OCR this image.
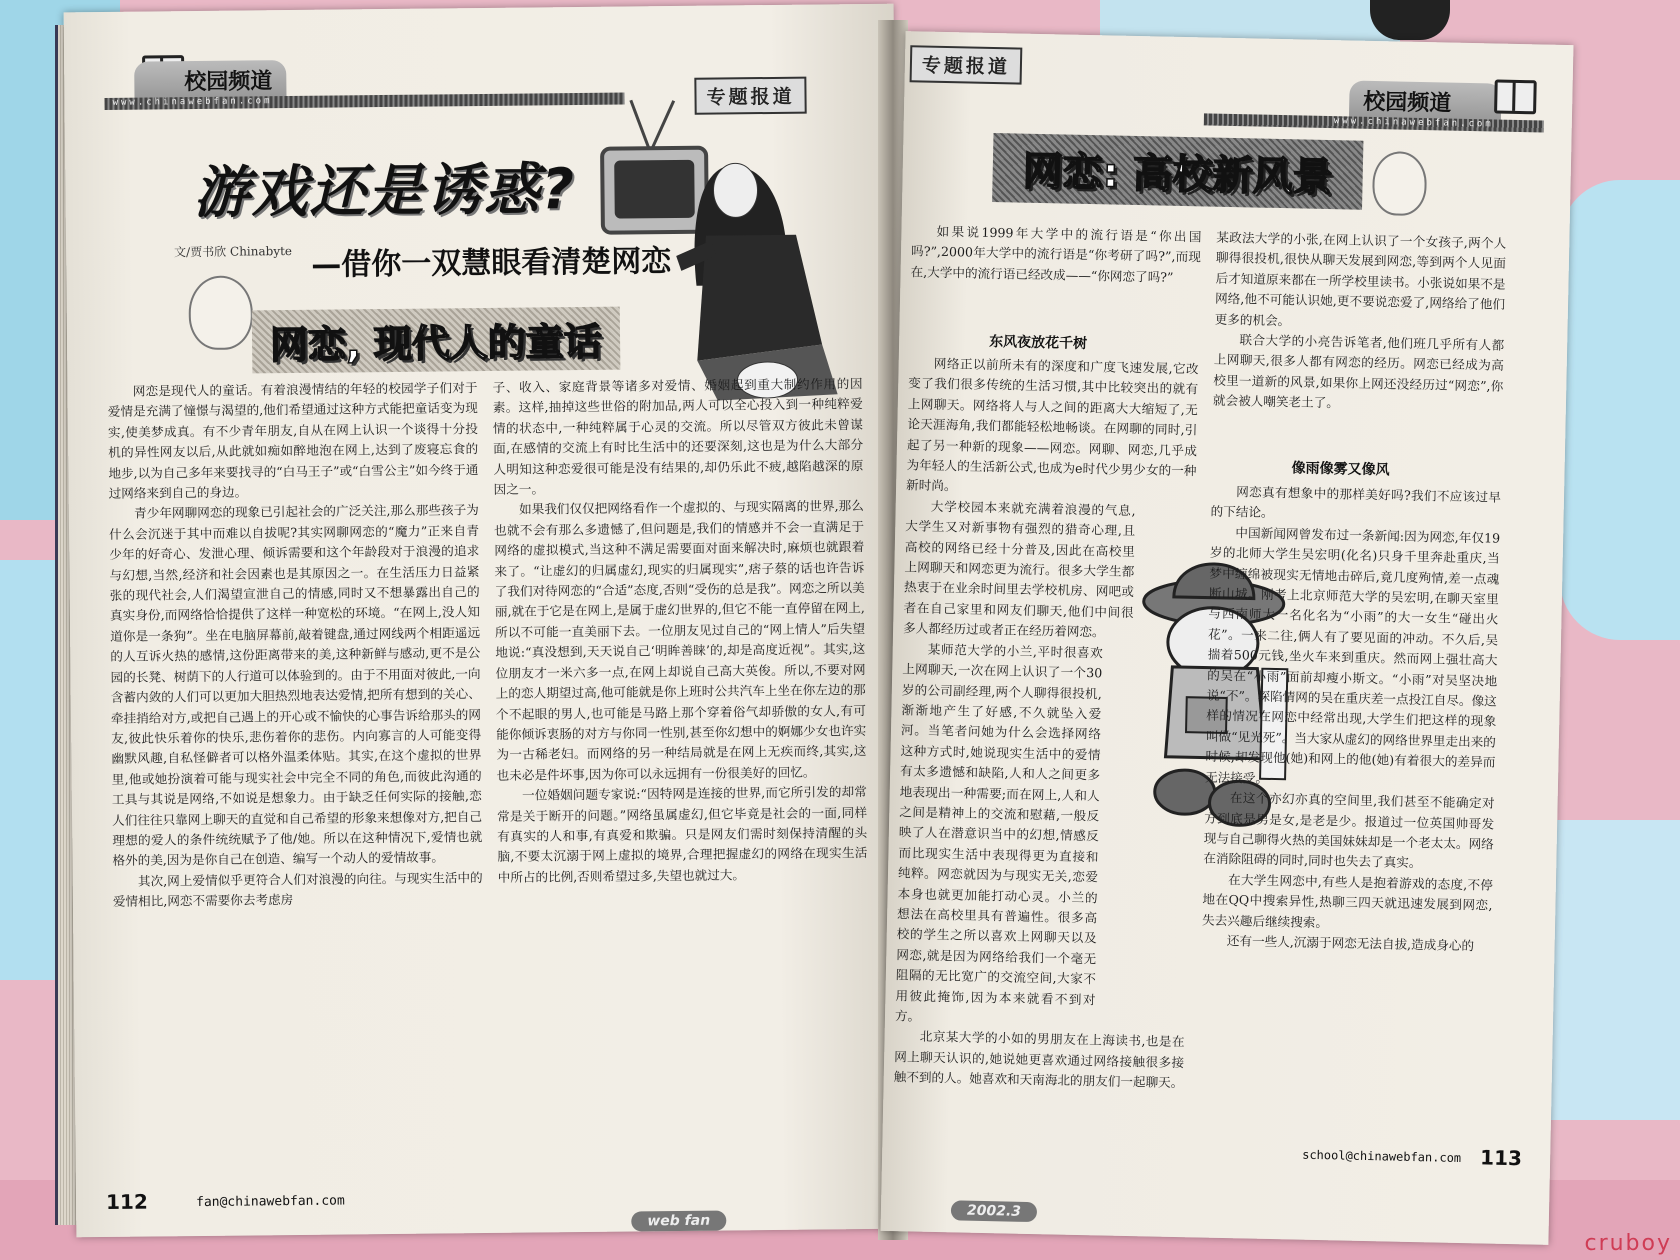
校园频道
www.chinawebfan.com	专题报道
游戏还是诱惑?
文/贾书欣 Chinabyte —借你一双慧眼看清楚网恋
网恋, 现代人的童话

网恋是现代人的童话。有着浪漫情结的年轻的校园学子们对于爱情是充满了憧憬与渴望的,他们希望通过这种方式能把童话变为现实,使美梦成真。有不少青年朋友,自从在网上认识一个谈得十分投机的异性网友以后,从此就如痴如醉地泡在网上,达到了废寝忘食的地步,以为自己多年来要找寻的“白马王子”或“白雪公主”如今终于通过网络来到自己的身边。

青少年网聊网恋的现象已引起社会的广泛关注,那么那些孩子为什么会沉迷于其中而难以自拔呢?其实网聊网恋的“魔力”正来自青少年的好奇心、发泄心理、倾诉需要和这个年龄段对于浪漫的追求与幻想,当然,经济和社会因素也是其原因之一。在生活压力日益紧张的现代社会,人们渴望宣泄自己的情感,同时又不想暴露出自己的真实身份,而网络恰恰提供了这样一种宽松的环境。“在网上,没人知道你是一条狗”。坐在电脑屏幕前,敲着键盘,通过网线两个相距遥远的人互诉火热的感情,这份距离带来的美,这种新鲜与感动,更不是公园的长凳、树荫下的人行道可以体验到的。由于不用面对彼此,一向含蓄内敛的人们可以更加大胆热烈地表达爱情,把所有想到的关心、牵挂捎给对方,或把自己遇上的开心或不愉快的心事告诉给那头的网友,彼此快乐着你的快乐,悲伤着你的悲伤。内向寡言的人可能变得幽默风趣,自私怪僻者可以格外温柔体贴。其实,在这个虚拟的世界里,他或她扮演着可能与现实社会中完全不同的角色,而彼此沟通的工具与其说是网络,不如说是想象力。由于缺乏任何实际的接触,恋人们往往只靠网上聊天的直觉和自己希望的形象来想像对方,把自己理想的爱人的条件统统赋予了他/她。所以在这种情况下,爱情也就格外的美,因为是你自己在创造、编写一个动人的爱情故事。

其次,网上爱情似乎更符合人们对浪漫的向往。与现实生活中的爱情相比,网恋不需要你去考虑房

子、收入、家庭背景等诸多对爱情、婚姻起到重大制约作用的因素。这样,抽掉这些世俗的附加品,两人可以全心投入到一种纯粹爱情的状态中,一种纯粹属于心灵的交流。所以尽管双方彼此未曾谋面,在感情的交流上有时比生活中的还要深刻,这也是为什么大部分人明知这种恋爱很可能是没有结果的,却仍乐此不疲,越陷越深的原因之一。

如果我们仅仅把网络看作一个虚拟的、与现实隔离的世界,那么也就不会有那么多遗憾了,但问题是,我们的情感并不会一直满足于网络的虚拟模式,当这种不满足需要面对面来解决时,麻烦也就跟着来了。“让虚幻的归属虚幻,现实的归属现实”,痞子蔡的话也许告诉了我们对待网恋的“合适”态度,否则“受伤的总是我”。网恋之所以美丽,就在于它是在网上,是属于虚幻世界的,但它不能一直停留在网上,所以不可能一直美丽下去。一位朋友见过自己的“网上情人”后失望地说:“真没想到,天天说自己‘明眸善睐’的,却是高度近视”。其实,这位朋友才一米六多一点,在网上却说自己高大英俊。所以,不要对网上的恋人期望过高,他可能就是你上班时公共汽车上坐在你左边的那个不起眼的男人,也可能是马路上那个穿着俗气却骄傲的女人,有可能你倾诉衷肠的对方与你同一性别,甚至你幻想中的婀娜少女也许实为一古稀老妇。而网络的另一种结局就是在网上无疾而终,其实,这也未必是件坏事,因为你可以永远拥有一份很美好的回忆。

一位婚姻问题专家说:“因特网是连接的世界,而它所引发的却常常是关于断开的问题。”网络虽属虚幻,但它毕竟是社会的一面,同样有真实的人和事,有真爱和欺骗。只是网友们需时刻保持清醒的头脑,不要太沉溺于网上虚拟的境界,合理把握虚幻的网络在现实生活中所占的比例,否则希望过多,失望也就过大。

112	fan@chinawebfan.com
web fan
专题报道
校园频道
www.chinawebfan.com
网恋: 高校新风景

如果说1999年大学中的流行语是“你出国吗?”,2000年大学中的流行语是“你考研了吗?”,而现在,大学中的流行语已经改成——“你网恋了吗?”

东风夜放花千树

网络正以前所未有的深度和广度飞速发展,它改变了我们很多传统的生活习惯,其中比较突出的就有上网聊天。网络将人与人之间的距离大大缩短了,无论天涯海角,我们都能轻松地畅谈。在网聊的同时,引起了另一种新的现象——网恋。网聊、网恋,几乎成为年轻人的生活新公式,也成为e时代少男少女的一种新时尚。

大学校园本来就充满着浪漫的气息,大学生又对新事物有强烈的猎奇心理,且高校的网络已经十分普及,因此在高校里上网聊天和网恋更为流行。很多大学生都热衷于在业余时间里去学校机房、网吧或者在自己家里和网友们聊天,他们中间很多人都经历过或者正在经历着网恋。

某师范大学的小兰,平时很喜欢上网聊天,一次在网上认识了一个30岁的公司副经理,两个人聊得很投机,渐渐地产生了好感,不久就坠入爱河。当笔者问她为什么会选择网络这种方式时,她说现实生活中的爱情有太多遗憾和缺陷,人和人之间更多地表现出一种需要;而在网上,人和人之间是精神上的交流和慰藉,一般反映了人在潜意识当中的幻想,情感反而比现实生活中表现得更为直接和纯粹。网恋就因为与现实无关,恋爱本身也就更加能打动心灵。小兰的想法在高校里具有普遍性。很多高校的学生之所以喜欢上网聊天以及网恋,就是因为网络给我们一个毫无阻隔的无比宽广的交流空间,大家不用彼此掩饰,因为本来就看不到对方。

北京某大学的小如的男朋友在上海读书,也是在网上聊天认识的,她说她更喜欢通过网络接触很多接触不到的人。她喜欢和天南海北的朋友们一起聊天。

某政法大学的小张,在网上认识了一个女孩子,两个人聊得很投机,很快从聊天发展到网恋,等到两个人见面后才知道原来都在一所学校里读书。小张说如果不是网络,他不可能认识她,更不要说恋爱了,网络给了他们更多的机会。

联合大学的小亮告诉笔者,他们班几乎所有人都上网聊天,很多人都有网恋的经历。网恋已经成为高校里一道新的风景,如果你上网还没经历过“网恋”,你就会被人嘲笑老土了。

像雨像雾又像风

网恋真有想象中的那样美好吗?我们不应该过早的下结论。

中国新闻网曾发布过一条新闻:因为网恋,年仅19岁的北师大学生吴宏明(化名)只身千里奔赴重庆,当梦中缠绵被现实无情地击碎后,竟几度殉情,差一点魂断山城。刚考上北京师范大学的吴宏明,在聊天室里与西南师大一名化名为“小雨”的大一女生“碰出火花”。一来二往,俩人有了要见面的冲动。不久后,吴揣着500元钱,坐火车来到重庆。然而网上强壮高大的吴在“小雨”面前却瘦小斯文。“小雨”对吴坚决地说“不”。深陷情网的吴在重庆差一点投江自尽。像这样的情况在网恋中经常出现,大学生们把这样的现象叫做“见光死”。当大家从虚幻的网络世界里走出来的时候,却发现他(她)和网上的他(她)有着很大的差异而无法接受。

在这个亦幻亦真的空间里,我们甚至不能确定对方到底是男是女,是老是少。报道过一位英国帅哥发现与自己聊得火热的美国妹妹却是一个老太太。网络在消除阻碍的同时,同时也失去了真实。

在大学生网恋中,有些人是抱着游戏的态度,不停地在QQ中搜索异性,热聊三四天就迅速发展到网恋,失去兴趣后继续搜索。

还有一些人,沉溺于网恋无法自拔,造成身心的

school@chinawebfan.com 113
2002.3
cruboy
